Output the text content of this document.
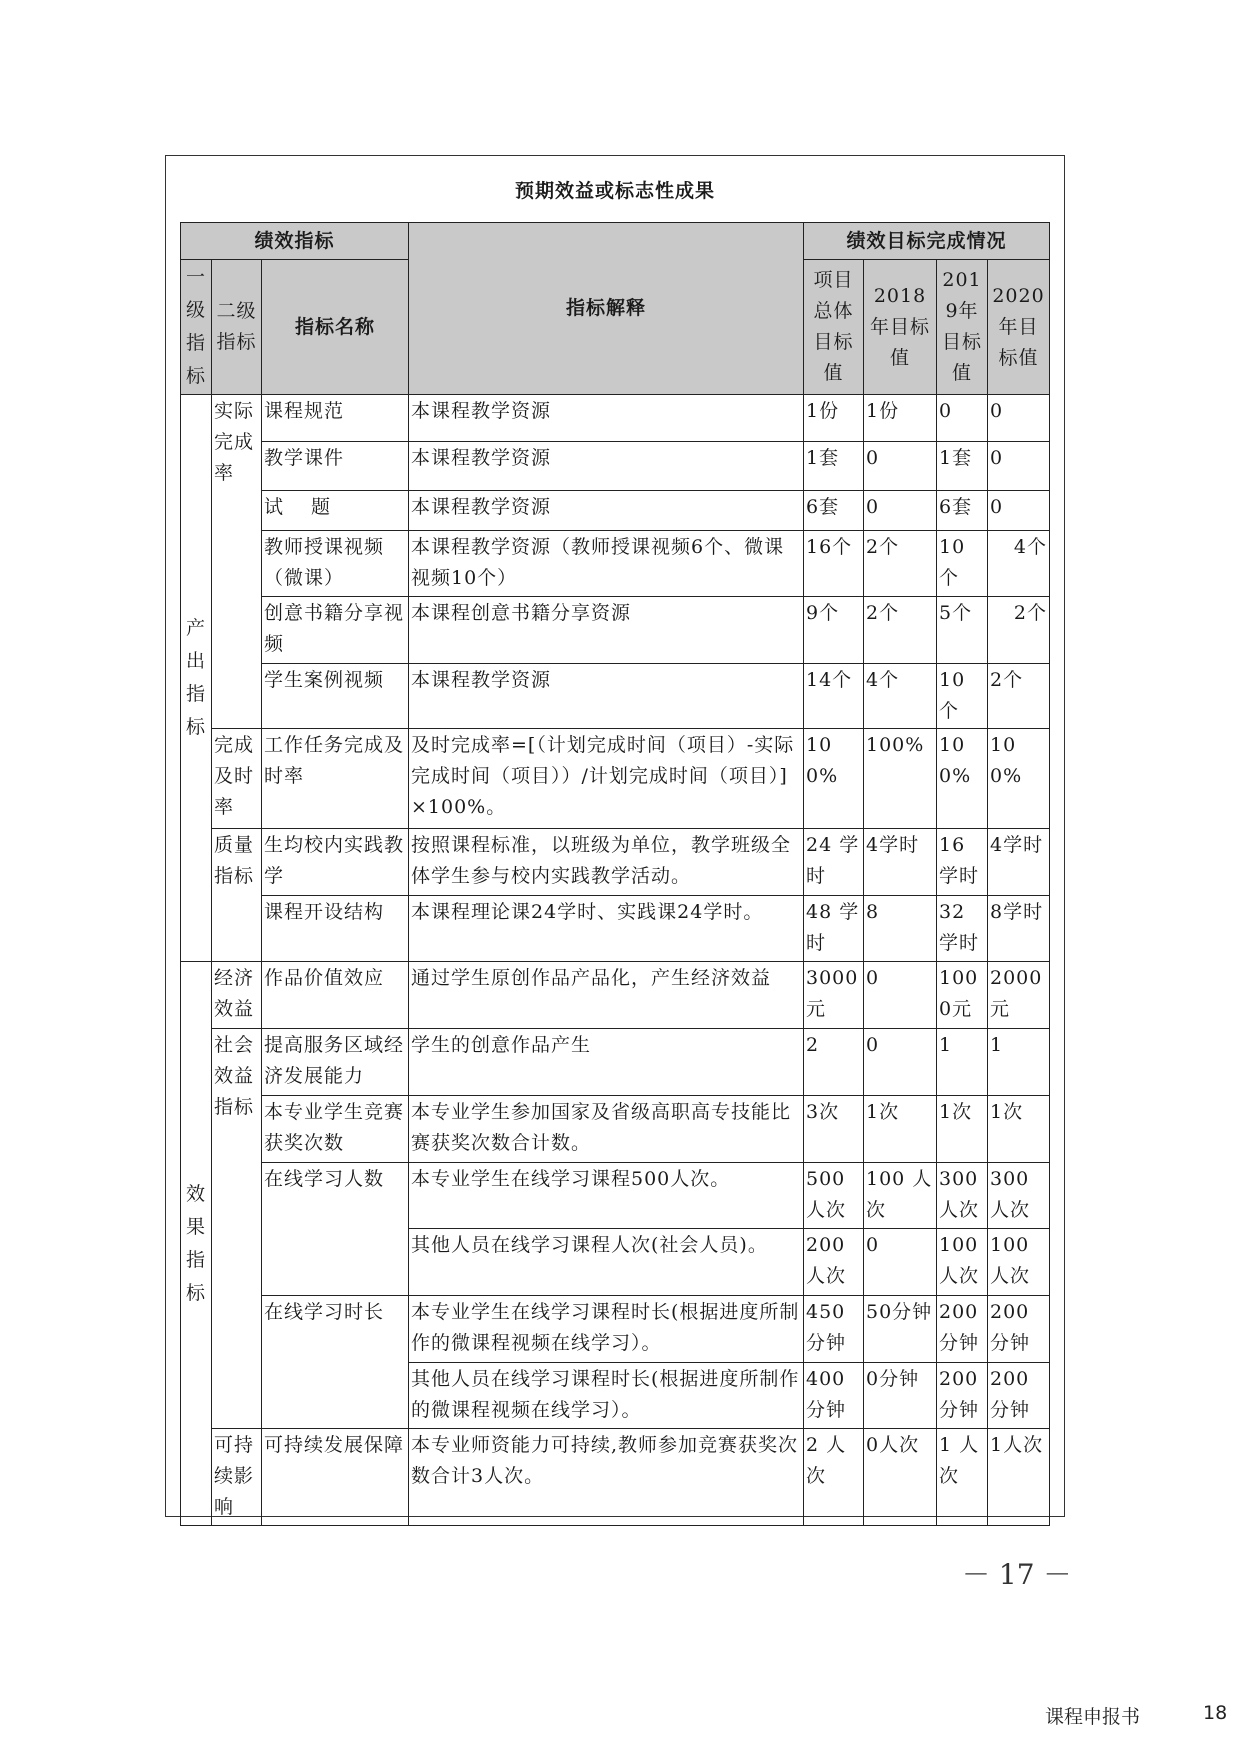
预期效益或标志性成果
绩效指标			指标解释	绩效目标完成情况			
一级指标	二级指标	指标名称		项目总体目标值	2018年目标值	2019年目标值	2020年目标值
产出指标	实际完成率	课程规范	本课程教学资源	1份	1份	0	0
		教学课件	本课程教学资源	1套	0	1套	0
		试　 题	本课程教学资源	6套	0	6套	0
		教师授课视频（微课）	本课程教学资源（教师授课视频6个、微课视频10个）	16个	2个	10个	4个
		创意书籍分享视频	本课程创意书籍分享资源	9个	2个	5个	2个
		学生案例视频	本课程教学资源	14个	4个	10个	2个
	完成及时率	工作任务完成及时率	及时完成率=[（计划完成时间（项目）-实际完成时间（项目））/计划完成时间（项目）]×100%。	100%	100%	100%	100%
	质量指标	生均校内实践教学	按照课程标准，以班级为单位，教学班级全体学生参与校内实践教学活动。	24 学时	4学时	16学时	4学时
		课程开设结构	本课程理论课24学时、实践课24学时。	48 学时	8	32学时	8学时
效果指标	经济效益	作品价值效应	通过学生原创作品产品化，产生经济效益	3000元	0	1000元	2000元
	社会效益指标	提高服务区域经济发展能力	学生的创意作品产生	2	0	1	1
		本专业学生竞赛获奖次数	本专业学生参加国家及省级高职高专技能比赛获奖次数合计数。	3次	1次	1次	1次
		在线学习人数	本专业学生在线学习课程500人次。	500人次	100 人次	300人次	300人次
			其他人员在线学习课程人次(社会人员)。	200人次	0	100人次	100人次
		在线学习时长	本专业学生在线学习课程时长(根据进度所制作的微课程视频在线学习）。	450分钟	50分钟	200分钟	200分钟
			其他人员在线学习课程时长(根据进度所制作的微课程视频在线学习）。	400分钟	0分钟	200分钟	200分钟
	可持续影响	可持续发展保障	本专业师资能力可持续,教师参加竞赛获奖次数合计3人次。	2 人次	0人次	1 人次	1人次
－ 17 －
课程申报书	18
